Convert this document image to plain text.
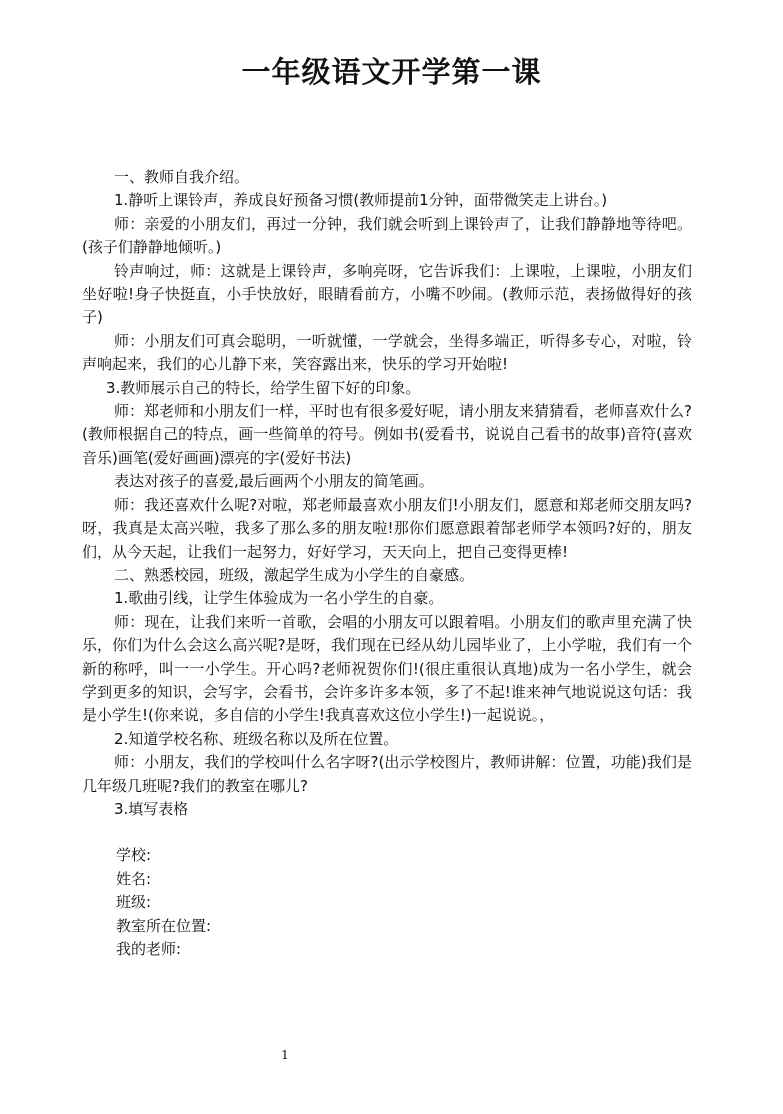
一年级语文开学第一课

一、教师自我介绍。

1.静听上课铃声，养成良好预备习惯(教师提前1分钟，面带微笑走上讲台。)

师：亲爱的小朋友们，再过一分钟，我们就会听到上课铃声了，让我们静静地等待吧。(孩子们静静地倾听。)

铃声响过，师：这就是上课铃声，多响亮呀，它告诉我们：上课啦，上课啦，小朋友们坐好啦!身子快挺直，小手快放好，眼睛看前方，小嘴不吵闹。(教师示范，表扬做得好的孩子)

师：小朋友们可真会聪明，一听就懂，一学就会，坐得多端正，听得多专心，对啦，铃声响起来，我们的心儿静下来，笑容露出来，快乐的学习开始啦!

3.教师展示自己的特长，给学生留下好的印象。

师：郑老师和小朋友们一样，平时也有很多爱好呢，请小朋友来猜猜看，老师喜欢什么?(教师根据自己的特点，画一些简单的符号。例如书(爱看书，说说自己看书的故事)音符(喜欢音乐)画笔(爱好画画)漂亮的字(爱好书法)

表达对孩子的喜爱,最后画两个小朋友的简笔画。

师：我还喜欢什么呢?对啦，郑老师最喜欢小朋友们!小朋友们，愿意和郑老师交朋友吗?呀，我真是太高兴啦，我多了那么多的朋友啦!那你们愿意跟着郜老师学本领吗?好的，朋友们，从今天起，让我们一起努力，好好学习，天天向上，把自己变得更棒!

二、熟悉校园，班级，激起学生成为小学生的自豪感。

1.歌曲引线，让学生体验成为一名小学生的自豪。

师：现在，让我们来听一首歌，会唱的小朋友可以跟着唱。小朋友们的歌声里充满了快乐，你们为什么会这么高兴呢?是呀，我们现在已经从幼儿园毕业了，上小学啦，我们有一个新的称呼，叫一一小学生。开心吗?老师祝贺你们!(很庄重很认真地)成为一名小学生，就会学到更多的知识，会写字，会看书，会许多许多本领，多了不起!谁来神气地说说这句话：我是小学生!(你来说，多自信的小学生!我真喜欢这位小学生!)一起说说。，

2.知道学校名称、班级名称以及所在位置。

师：小朋友，我们的学校叫什么名字呀?(出示学校图片，教师讲解：位置，功能)我们是几年级几班呢?我们的教室在哪儿?

3.填写表格

学校:

姓名:

班级:

教室所在位置:

我的老师:

1
